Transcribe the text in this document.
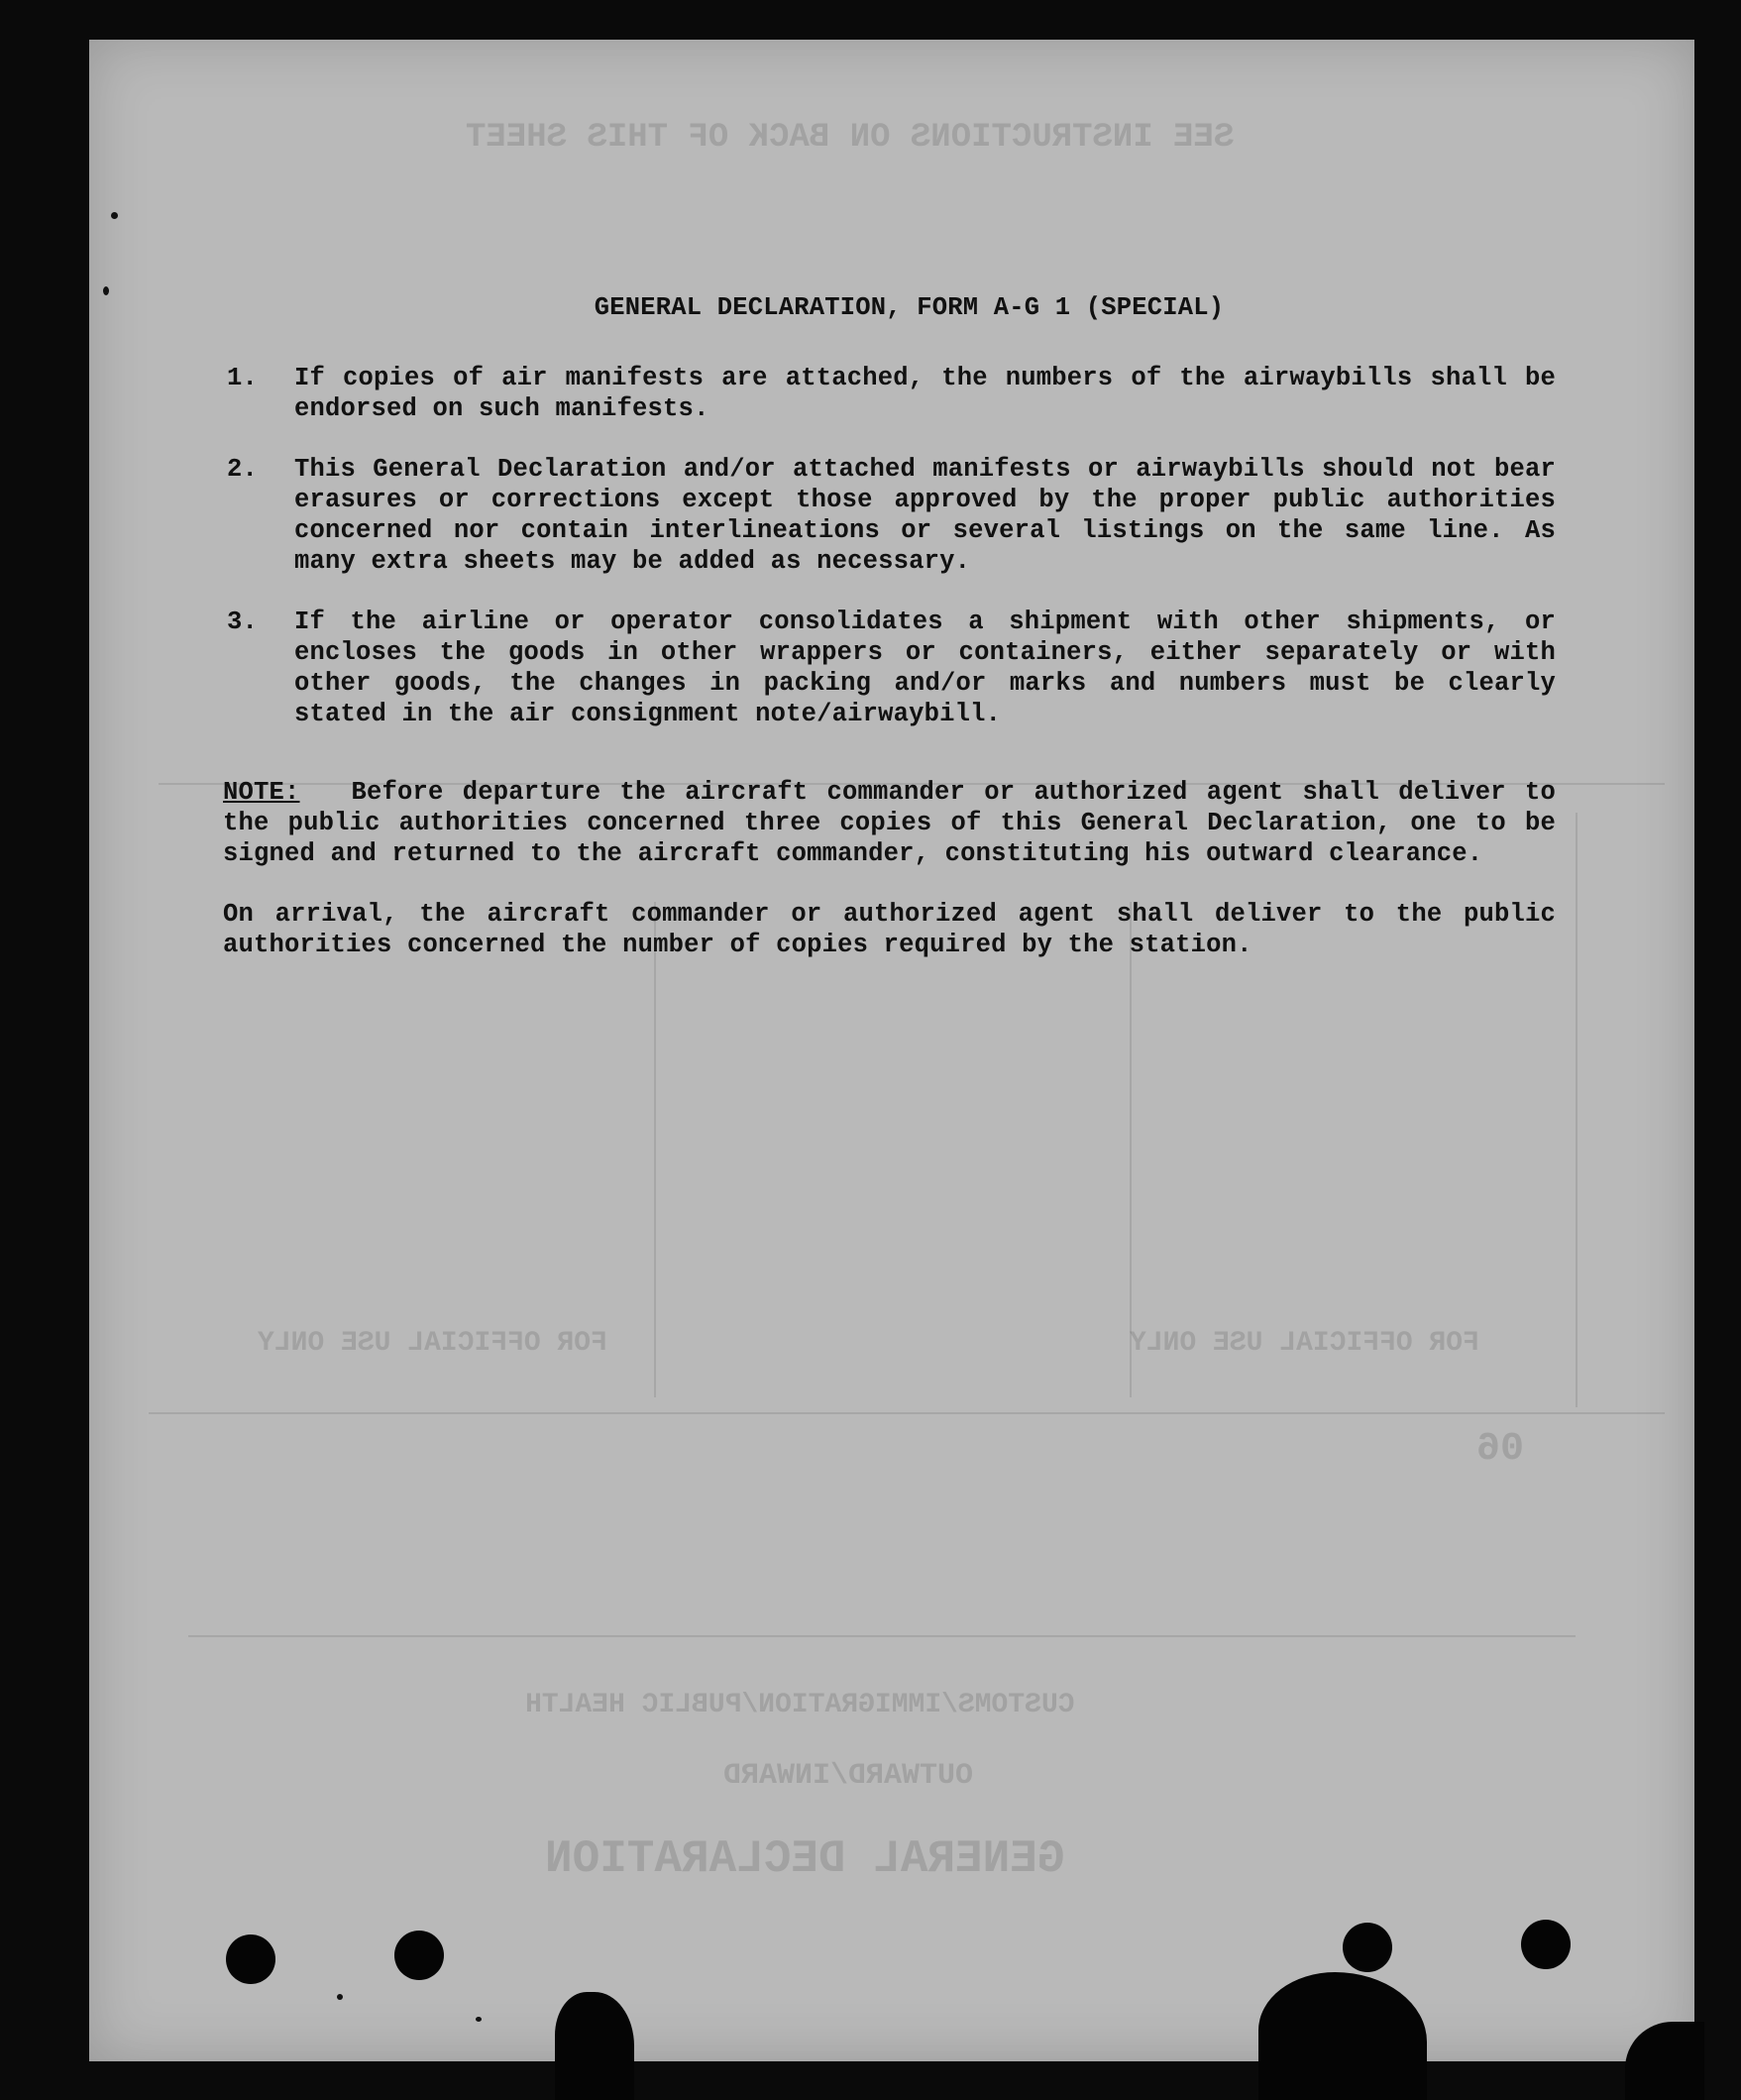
SEE INSTRUCTIONS ON BACK OF THIS SHEET
06
GENERAL DECLARATION
OUTWARD/INWARD
CUSTOMS/IMMIGRATION/PUBLIC HEALTH
FOR OFFICIAL USE ONLY
FOR OFFICIAL USE ONLY
GENERAL DECLARATION, FORM A-G 1 (SPECIAL)
1.	If copies of air manifests are attached, the numbers of the airwaybills shall be endorsed on such manifests.
2.	This General Declaration and/or attached manifests or airwaybills should not bear erasures or corrections except those approved by the proper public authorities concerned nor contain interlineations or several listings on the same line. As many extra sheets may be added as necessary.
3.	If the airline or operator consolidates a shipment with other shipments, or encloses the goods in other wrappers or containers, either separately or with other goods, the changes in packing and/or marks and numbers must be clearly stated in the air consignment note/airwaybill.
NOTE: Before departure the aircraft commander or authorized agent shall deliver to the public authorities concerned three copies of this General Declaration, one to be signed and returned to the aircraft commander, constituting his outward clearance.
On arrival, the aircraft commander or authorized agent shall deliver to the public authorities concerned the number of copies required by the station.
